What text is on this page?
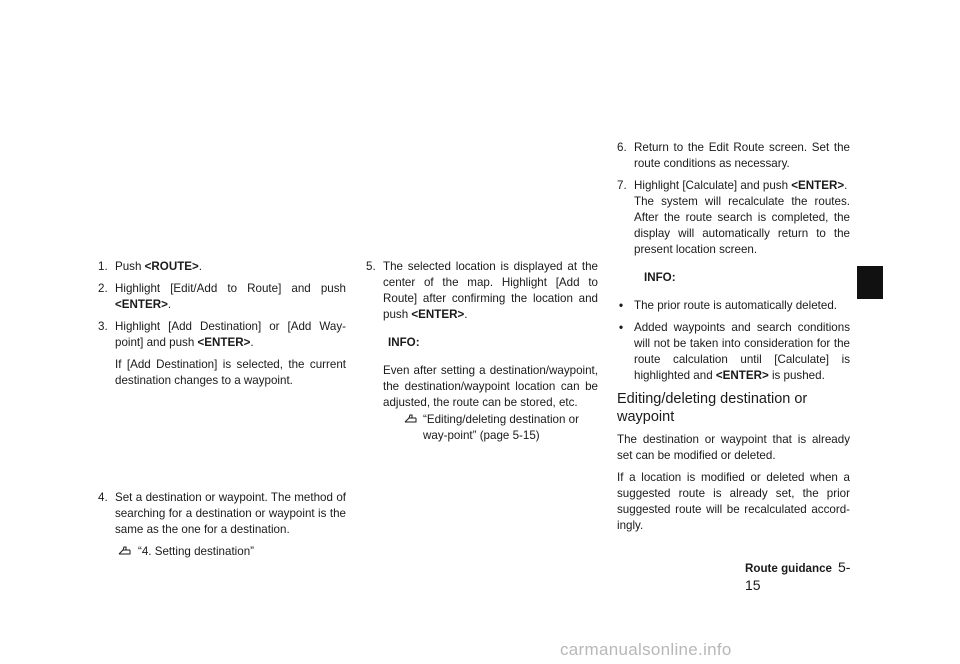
1. Push <ROUTE>.
2. Highlight [Edit/Add to Route] and push <ENTER>.
3. Highlight [Add Destination] or [Add Way-point] and push <ENTER>.
If [Add Destination] is selected, the current destination changes to a waypoint.
4. Set a destination or waypoint. The method of searching for a destination or waypoint is the same as the one for a destination.
“4. Setting destination”
5. The selected location is displayed at the center of the map. Highlight [Add to Route] after confirming the location and push <ENTER>.
INFO:

Even after setting a destination/waypoint, the destination/waypoint location can be adjusted, the route can be stored, etc.

“Editing/deleting destination or way-point” (page 5-15)
6. Return to the Edit Route screen. Set the route conditions as necessary.
7. Highlight [Calculate] and push <ENTER>.
The system will recalculate the routes. After the route search is completed, the display will automatically return to the present location screen.
INFO:
• The prior route is automatically deleted.
• Added waypoints and search conditions will not be taken into consideration for the route calculation until [Calculate] is highlighted and <ENTER> is pushed.
Editing/deleting destination or waypoint

The destination or waypoint that is already set can be modified or deleted.

If a location is modified or deleted when a suggested route is already set, the prior suggested route will be recalculated accord-ingly.

Route guidance 5-15
carmanualsonline.info
